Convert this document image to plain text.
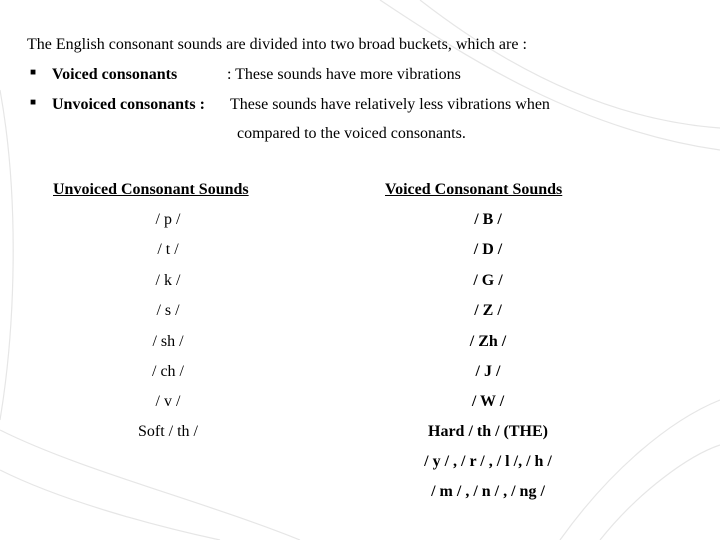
The English consonant sounds are divided into two broad buckets, which are :
■ Voiced consonants	: These sounds have more vibrations
■ Unvoiced consonants : These sounds have relatively less vibrations when
compared to the voiced consonants.
Unvoiced Consonant Sounds	Voiced Consonant Sounds
/ p /
/ t /
/ k /
/ s /
/ sh /
/ ch /
/ v /
Soft / th /
/ B /
/ D /
/ G /
/ Z /
/ Zh /
/ J /
/ W /
Hard / th / (THE)
/ y / , / r / , / l /, / h /
/ m / , / n / , / ng /
